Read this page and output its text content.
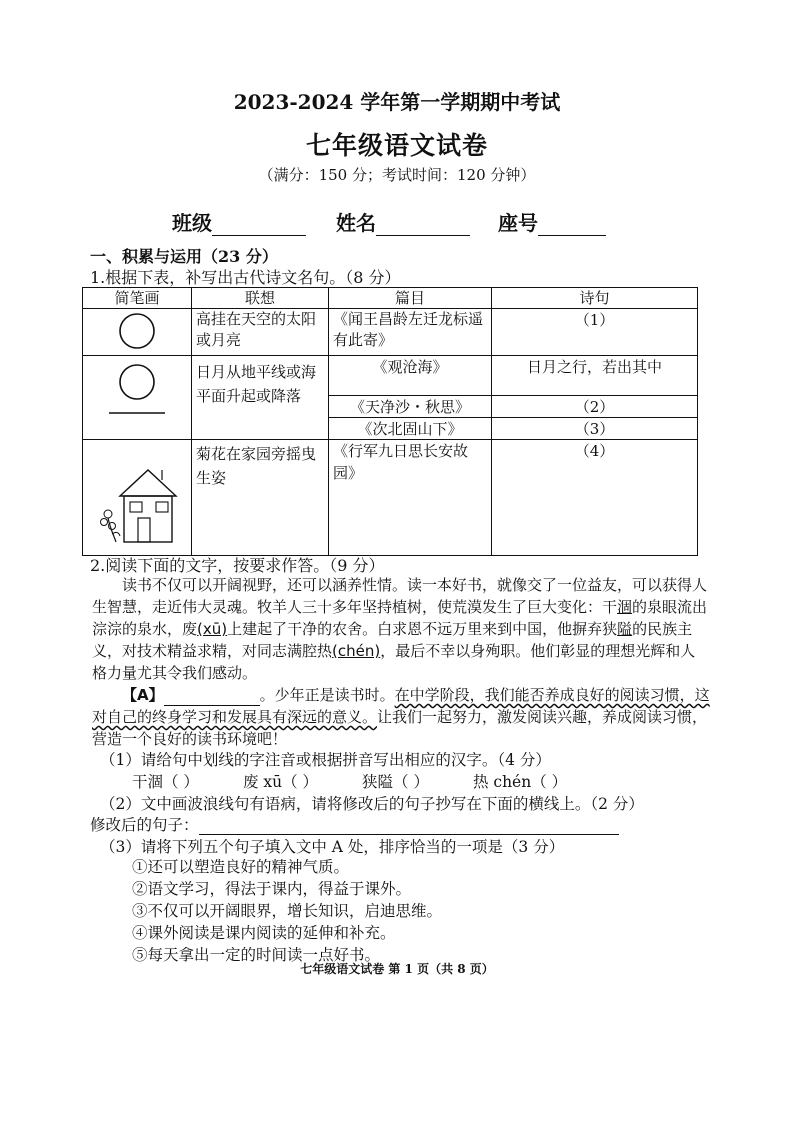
2023-2024 学年第一学期期中考试
七年级语文试卷
（满分：150 分；考试时间：120 分钟）
班级	姓名	座号
一、积累与运用（23 分）
1.根据下表，补写出古代诗文名句。（8 分）
简笔画	联想	篇目	诗句
	高挂在天空的太阳或月亮	《闻王昌龄左迁龙标遥有此寄》	（1）
	日月从地平线或海平面升起或降落	《观沧海》	日月之行，若出其中
		《天净沙・秋思》	（2）
		《次北固山下》	（3）
	菊花在家园旁摇曳生姿	《行军九日思长安故园》	（4）
2.阅读下面的文字，按要求作答。（9 分）
读书不仅可以开阔视野，还可以涵养性情。读一本好书，就像交了一位益友，可以获得人生智慧，走近伟大灵魂。牧羊人三十多年坚持植树，使荒漠发生了巨大变化：干涸的泉眼流出淙淙的泉水，废(xū)上建起了干净的农舍。白求恩不远万里来到中国，他摒弃狭隘的民族主义，对技术精益求精，对同志满腔热(chén)，最后不幸以身殉职。他们彰显的理想光辉和人格力量尤其令我们感动。
【A】	。少年正是读书时。在中学阶段，我们能否养成良好的阅读习惯，这对自己的终身学习和发展具有深远的意义。让我们一起努力，激发阅读兴趣，养成阅读习惯，营造一个良好的读书环境吧！
（1）请给句中划线的字注音或根据拼音写出相应的汉字。（4 分）
干涸（ ）	废 xū（ ）	狭隘（ ）	热 chén（ ）
（2）文中画波浪线句有语病，请将修改后的句子抄写在下面的横线上。（2 分）
修改后的句子：
（3）请将下列五个句子填入文中 A 处，排序恰当的一项是（3 分）
①还可以塑造良好的精神气质。
②语文学习，得法于课内，得益于课外。
③不仅可以开阔眼界，增长知识，启迪思维。
④课外阅读是课内阅读的延伸和补充。
⑤每天拿出一定的时间读一点好书。
七年级语文试卷 第 1 页（共 8 页）
